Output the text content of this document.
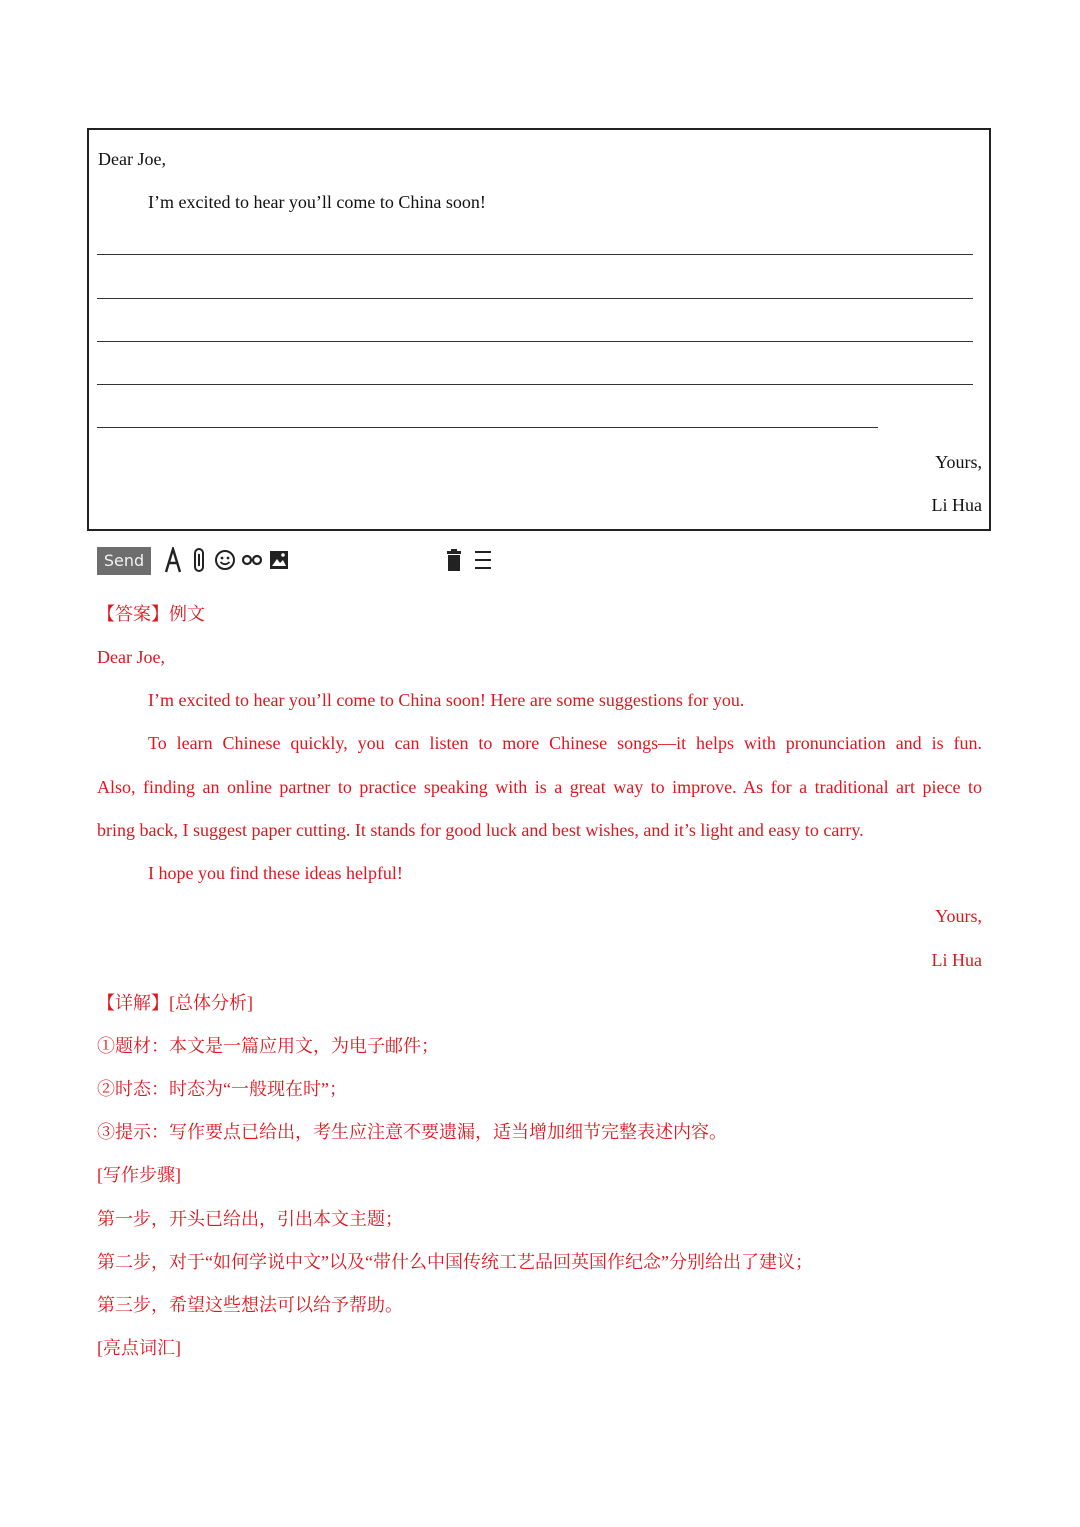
Dear Joe,
I’m excited to hear you’ll come to China soon!
Yours,
Li Hua
Send
【答案】例文
Dear Joe,
I’m excited to hear you’ll come to China soon! Here are some suggestions for you.
To learn Chinese quickly, you can listen to more Chinese songs—it helps with pronunciation and is fun.
Also, finding an online partner to practice speaking with is a great way to improve. As for a traditional art piece to
bring back, I suggest paper cutting. It stands for good luck and best wishes, and it’s light and easy to carry.
I hope you find these ideas helpful!
Yours,
Li Hua
【详解】[总体分析]
①题材：本文是一篇应用文，为电子邮件；
②时态：时态为“一般现在时”；
③提示：写作要点已给出，考生应注意不要遗漏，适当增加细节完整表述内容。
[写作步骤]
第一步，开头已给出，引出本文主题；
第二步，对于“如何学说中文”以及“带什么中国传统工艺品回英国作纪念”分别给出了建议；
第三步，希望这些想法可以给予帮助。
[亮点词汇]
